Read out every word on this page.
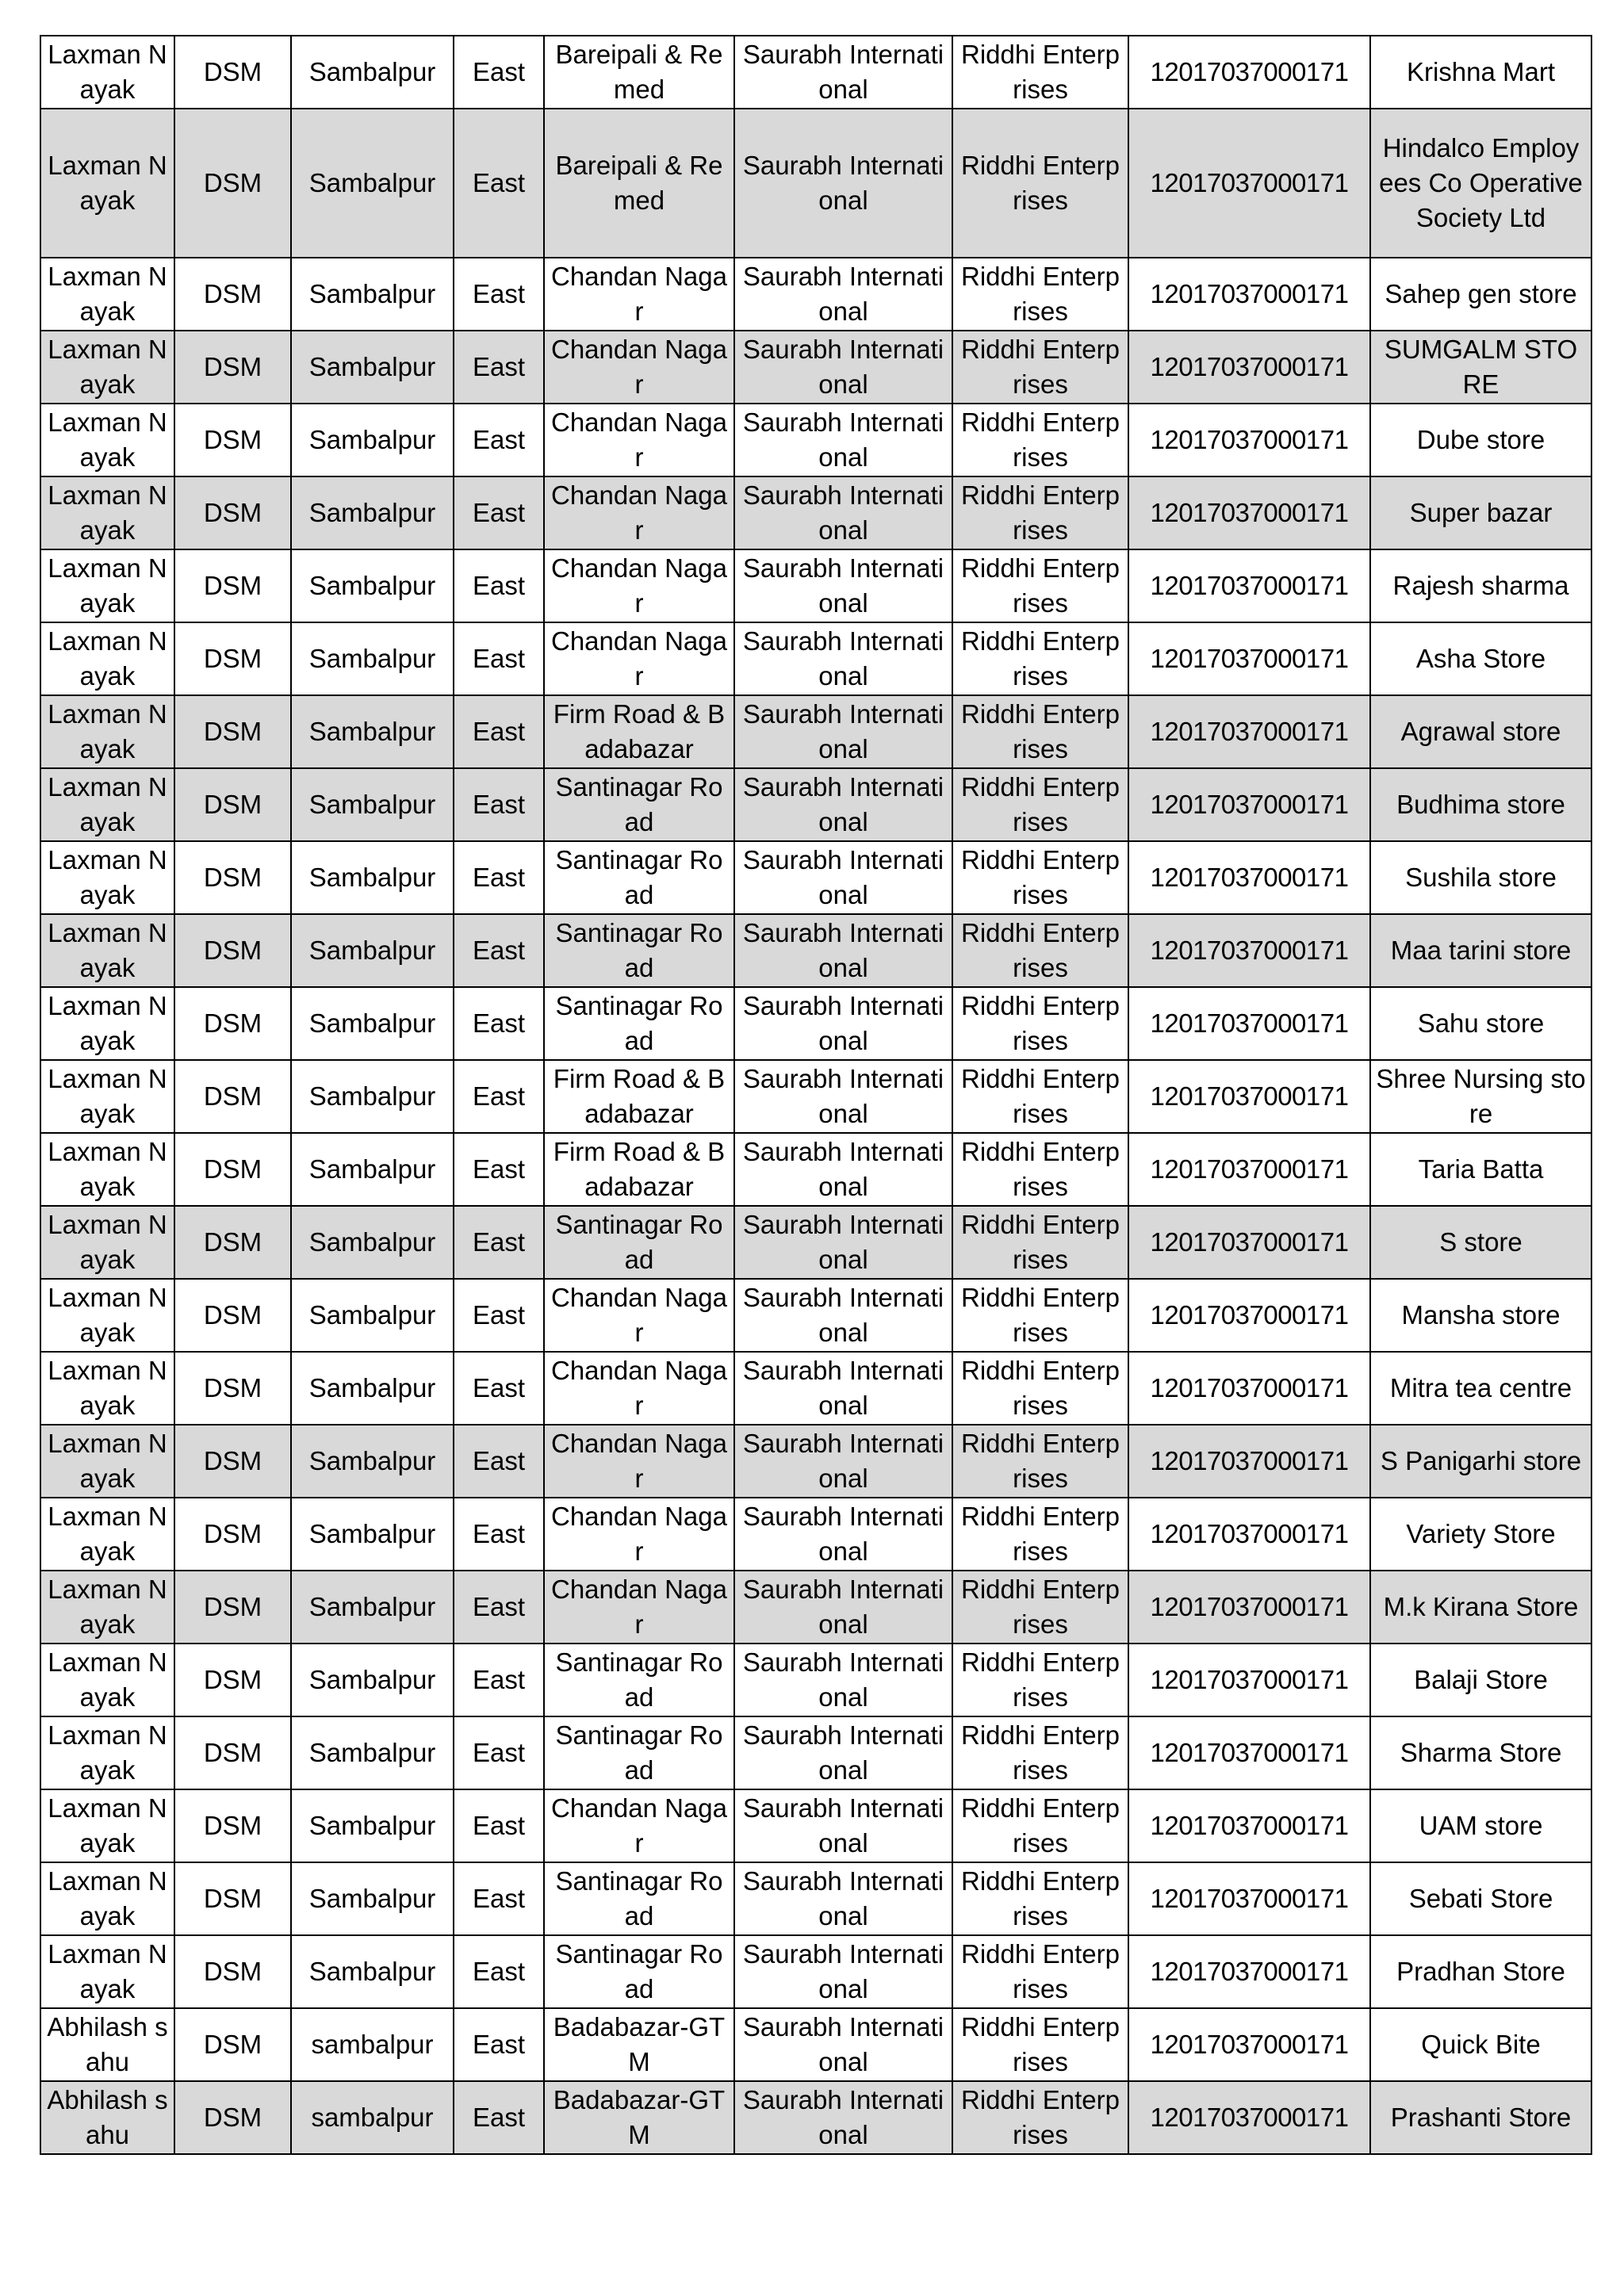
Laxman Nayak	DSM	Sambalpur	East	Bareipali & Remed	Saurabh International	Riddhi Enterprises	12017037000171	Krishna Mart
Laxman Nayak	DSM	Sambalpur	East	Bareipali & Remed	Saurabh International	Riddhi Enterprises	12017037000171	Hindalco Employees Co Operative Society Ltd
Laxman Nayak	DSM	Sambalpur	East	Chandan Nagar	Saurabh International	Riddhi Enterprises	12017037000171	Sahep gen store
Laxman Nayak	DSM	Sambalpur	East	Chandan Nagar	Saurabh International	Riddhi Enterprises	12017037000171	SUMGALM STORE
Laxman Nayak	DSM	Sambalpur	East	Chandan Nagar	Saurabh International	Riddhi Enterprises	12017037000171	Dube store
Laxman Nayak	DSM	Sambalpur	East	Chandan Nagar	Saurabh International	Riddhi Enterprises	12017037000171	Super bazar
Laxman Nayak	DSM	Sambalpur	East	Chandan Nagar	Saurabh International	Riddhi Enterprises	12017037000171	Rajesh sharma
Laxman Nayak	DSM	Sambalpur	East	Chandan Nagar	Saurabh International	Riddhi Enterprises	12017037000171	Asha Store
Laxman Nayak	DSM	Sambalpur	East	Firm Road & Badabazar	Saurabh International	Riddhi Enterprises	12017037000171	Agrawal store
Laxman Nayak	DSM	Sambalpur	East	Santinagar Road	Saurabh International	Riddhi Enterprises	12017037000171	Budhima store
Laxman Nayak	DSM	Sambalpur	East	Santinagar Road	Saurabh International	Riddhi Enterprises	12017037000171	Sushila store
Laxman Nayak	DSM	Sambalpur	East	Santinagar Road	Saurabh International	Riddhi Enterprises	12017037000171	Maa tarini store
Laxman Nayak	DSM	Sambalpur	East	Santinagar Road	Saurabh International	Riddhi Enterprises	12017037000171	Sahu store
Laxman Nayak	DSM	Sambalpur	East	Firm Road & Badabazar	Saurabh International	Riddhi Enterprises	12017037000171	Shree Nursing store
Laxman Nayak	DSM	Sambalpur	East	Firm Road & Badabazar	Saurabh International	Riddhi Enterprises	12017037000171	Taria Batta
Laxman Nayak	DSM	Sambalpur	East	Santinagar Road	Saurabh International	Riddhi Enterprises	12017037000171	S store
Laxman Nayak	DSM	Sambalpur	East	Chandan Nagar	Saurabh International	Riddhi Enterprises	12017037000171	Mansha store
Laxman Nayak	DSM	Sambalpur	East	Chandan Nagar	Saurabh International	Riddhi Enterprises	12017037000171	Mitra tea centre
Laxman Nayak	DSM	Sambalpur	East	Chandan Nagar	Saurabh International	Riddhi Enterprises	12017037000171	S Panigarhi store
Laxman Nayak	DSM	Sambalpur	East	Chandan Nagar	Saurabh International	Riddhi Enterprises	12017037000171	Variety Store
Laxman Nayak	DSM	Sambalpur	East	Chandan Nagar	Saurabh International	Riddhi Enterprises	12017037000171	M.k Kirana Store
Laxman Nayak	DSM	Sambalpur	East	Santinagar Road	Saurabh International	Riddhi Enterprises	12017037000171	Balaji Store
Laxman Nayak	DSM	Sambalpur	East	Santinagar Road	Saurabh International	Riddhi Enterprises	12017037000171	Sharma Store
Laxman Nayak	DSM	Sambalpur	East	Chandan Nagar	Saurabh International	Riddhi Enterprises	12017037000171	UAM store
Laxman Nayak	DSM	Sambalpur	East	Santinagar Road	Saurabh International	Riddhi Enterprises	12017037000171	Sebati Store
Laxman Nayak	DSM	Sambalpur	East	Santinagar Road	Saurabh International	Riddhi Enterprises	12017037000171	Pradhan Store
Abhilash sahu	DSM	sambalpur	East	Badabazar-GTM	Saurabh International	Riddhi Enterprises	12017037000171	Quick Bite
Abhilash sahu	DSM	sambalpur	East	Badabazar-GTM	Saurabh International	Riddhi Enterprises	12017037000171	Prashanti Store
